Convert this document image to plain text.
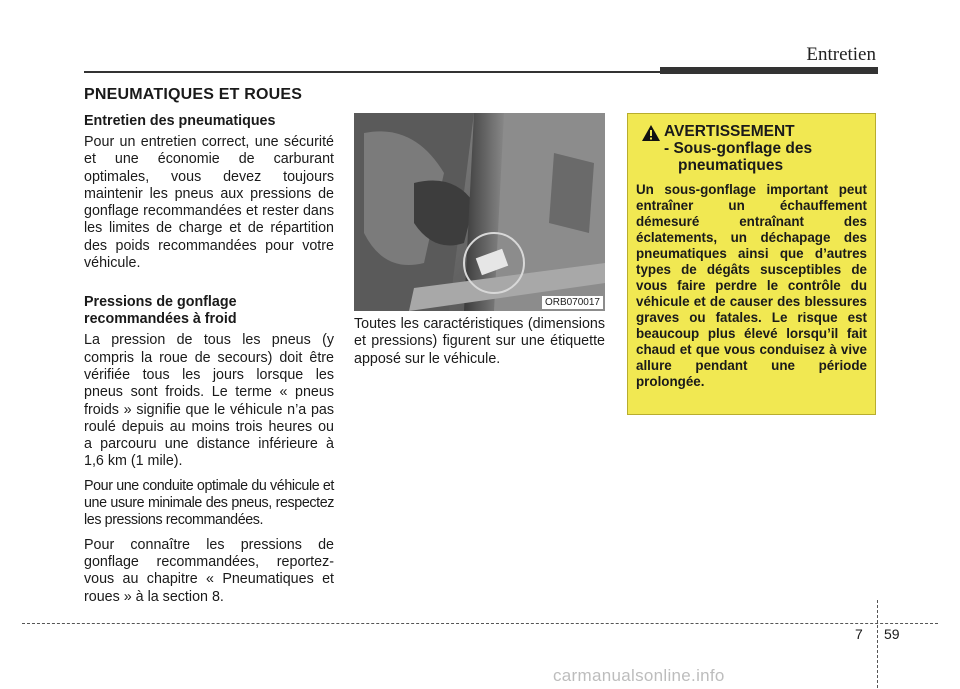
Entretien
PNEUMATIQUES ET ROUES
Entretien des pneumatiques

Pour un entretien correct, une sécurité et une économie de carburant optimales, vous devez toujours maintenir les pneus aux pressions de gonflage recommandées et rester dans les limites de charge et de répartition des poids recommandées pour votre véhicule.

Pressions de gonflage recommandées à froid

La pression de tous les pneus (y compris la roue de secours) doit être vérifiée tous les jours lorsque les pneus sont froids. Le terme « pneus froids » signifie que le véhicule n’a pas roulé depuis au moins trois heures ou a parcouru une distance inférieure à 1,6 km (1 mile).

Pour une conduite optimale du véhicule et une usure minimale des pneus, respectez les pressions recommandées.

Pour connaître les pressions de gonflage recommandées, reportez-vous au chapitre « Pneumatiques et roues » à la section 8.

ORB070017

Toutes les caractéristiques (dimensions et pressions) figurent sur une étiquette apposé sur le véhicule.

AVERTISSEMENT
- Sous-gonflage des pneumatiques
Un sous-gonflage important peut entraîner un échauffement démesuré entraînant des éclatements, un déchapage des pneumatiques ainsi que d’autres types de dégâts susceptibles de vous faire perdre le contrôle du véhicule et de causer des blessures graves ou fatales. Le risque est beaucoup plus élevé lorsqu’il fait chaud et que vous conduisez à vive allure pendant une période prolongée.
7 59
carmanualsonline.info
